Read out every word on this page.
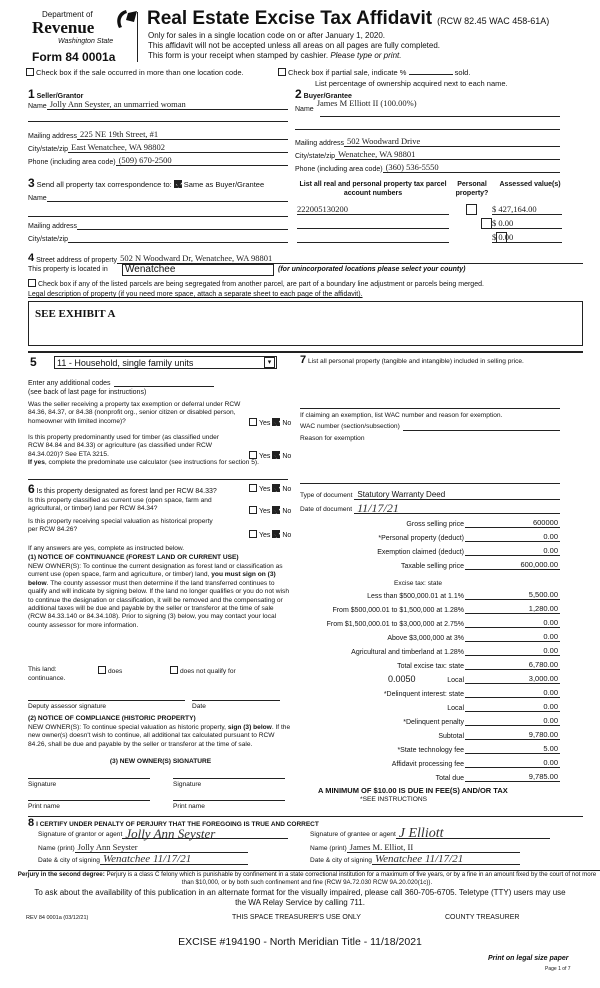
Department of
Revenue
Washington State
Form 84 0001a
Real Estate Excise Tax Affidavit (RCW 82.45 WAC 458-61A)
Only for sales in a single location code on or after January 1, 2020.
This affidavit will not be accepted unless all areas on all pages are fully completed.
This form is your receipt when stamped by cashier. Please type or print.
Check box if the sale occurred in more than one location code.	Check box if partial sale, indicate %	sold.
List percentage of ownership acquired next to each name.
1 Seller/Grantor
Name Jolly Ann Seyster, an unmarried woman
Mailing address 225 NE 19th Street, #1
City/state/zip East Wenatchee, WA 98802
Phone (including area code) (509) 670-2500
2 Buyer/Grantee
Name
James M Elliott II (100.00%)
Mailing address 502 Woodward Drive
City/state/zip Wenatchee, WA 98801
Phone (including area code) (360) 536-5550
3 Send all property tax correspondence to: Same as Buyer/Grantee
Name
Mailing address
City/state/zip
List all real and personal property tax parcel account numbers
Personal property?
Assessed value(s)
222005130200
	$ 427,164.00

$ 0.00
$ 0.00
4 Street address of property 502 N Woodward Dr, Wenatchee, WA 98801
This property is located in	Wenatchee	(for unincorporated locations please select your county)
Check box if any of the listed parcels are being segregated from another parcel, are part of a boundary line adjustment or parcels being merged.
Legal description of property (if you need more space, attach a separate sheet to each page of the affidavit).
SEE EXHIBIT A
5 11 - Household, single family units	▾
Enter any additional codes
(see back of last page for instructions)
Was the seller receiving a property tax exemption or deferral under RCW 84.36, 84.37, or 84.38 (nonprofit org., senior citizen or disabled person, homeowner with limited income)?	Yes No
Is this property predominantly used for timber (as classified under RCW 84.84 and 84.33) or agriculture (as classified under RCW 84.34.020)? See ETA 3215.	Yes No
If yes, complete the predominate use calculator (see instructions for section 5).
6 Is this property designated as forest land per RCW 84.33?	Yes No
Is this property classified as current use (open space, farm and agricultural, or timber) land per RCW 84.34?	Yes No
Is this property receiving special valuation as historical property per RCW 84.26?
Yes No
If any answers are yes, complete as instructed below.
(1) NOTICE OF CONTINUANCE (FOREST LAND OR CURRENT USE)
NEW OWNER(S): To continue the current designation as forest land or classification as current use (open space, farm and agriculture, or timber) land, you must sign on (3) below. The county assessor must then determine if the land transferred continues to qualify and will indicate by signing below. If the land no longer qualifies or you do not wish to continue the designation or classification, it will be removed and the compensating or additional taxes will be due and payable by the seller or transferor at the time of sale (RCW 84.33.140 or 84.34.108). Prior to signing (3) below, you may contact your local county assessor for more information.
This land:	does	does not qualify for
continuance.
Deputy assessor signature	Date
(2) NOTICE OF COMPLIANCE (HISTORIC PROPERTY)
NEW OWNER(S): To continue special valuation as historic property, sign (3) below. If the new owner(s) doesn't wish to continue, all additional tax calculated pursuant to RCW 84.26, shall be due and payable by the seller or transferor at the time of sale.
(3) NEW OWNER(S) SIGNATURE
Signature	Signature
Print name	Print name
7 List all personal property (tangible and intangible) included in selling price.
If claiming an exemption, list WAC number and reason for exemption.
WAC number (section/subsection)
Reason for exemption
Type of document Statutory Warranty Deed
Date of document 11/17/21
Gross selling price	600000
*Personal property (deduct)	0.00
Exemption claimed (deduct)	0.00
Taxable selling price	600,000.00
Excise tax: state
Less than $500,000.01 at 1.1%	5,500.00
From $500,000.01 to $1,500,000 at 1.28%	1,280.00
From $1,500,000.01 to $3,000,000 at 2.75%	0.00
Above $3,000,000 at 3%	0.00
Agricultural and timberland at 1.28%	0.00
Total excise tax: state	6,780.00
0.0050	Local	3,000.00
*Delinquent interest: state	0.00
Local	0.00
*Delinquent penalty	0.00
Subtotal	9,780.00
*State technology fee	5.00
Affidavit processing fee	0.00
Total due	9,785.00
A MINIMUM OF $10.00 IS DUE IN FEE(S) AND/OR TAX
*SEE INSTRUCTIONS
8 I CERTIFY UNDER PENALTY OF PERJURY THAT THE FOREGOING IS TRUE AND CORRECT
Signature of grantor or agent Jolly Ann Seyster
Name (print) Jolly Ann Seyster
Date & city of signing Wenatchee 11/17/21
Signature of grantee or agent J Elliott
Name (print) James M. Elliot, II
Date & city of signing Wenatchee 11/17/21
Perjury in the second degree: Perjury is a class C felony which is punishable by confinement in a state correctional institution for a maximum of five years, or by a fine in an amount fixed by the court of not more than $10,000, or by both such confinement and fine (RCW 9A.72.030 RCW 9A.20.020(1c)).
To ask about the availability of this publication in an alternate format for the visually impaired, please call 360-705-6705. Teletype (TTY) users may use the WA Relay Service by calling 711.
REV 84 0001a (03/12/21)	THIS SPACE TREASURER'S USE ONLY	COUNTY TREASURER
EXCISE #194190 - North Meridian Title - 11/18/2021
Print on legal size paper
Page 1 of 7
